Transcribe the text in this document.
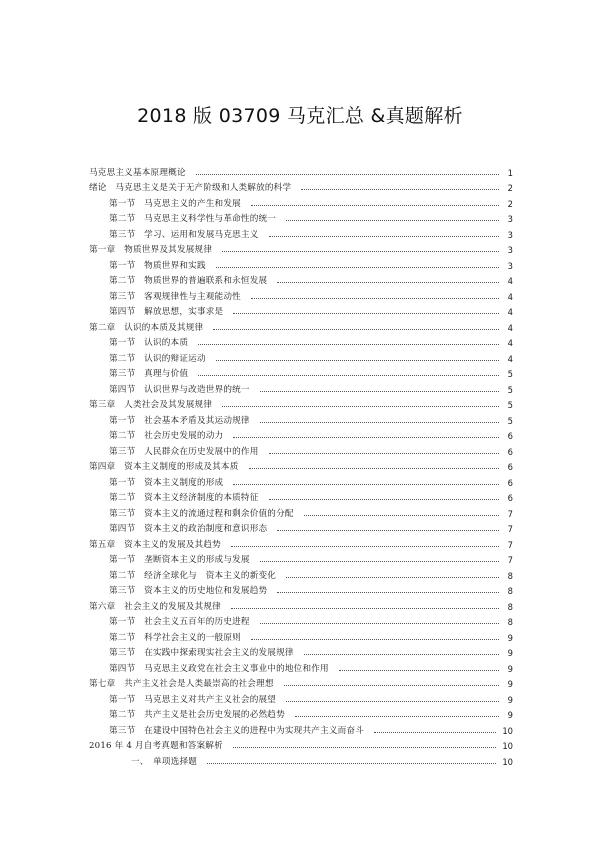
2018 版 03709 马克汇总 &真题解析
马克思主义基本原理概论	1
绪论　马克思主义是关于无产阶级和人类解放的科学	2
第一节　马克思主义的产生和发展	2
第二节　马克思主义科学性与革命性的统一	3
第三节　学习、运用和发展马克思主义	3
第一章　物质世界及其发展规律	3
第一节　物质世界和实践	3
第二节　物质世界的普遍联系和永恒发展	4
第三节　客观规律性与主观能动性	4
第四节　解放思想，实事求是	4
第二章　认识的本质及其规律	4
第一节　认识的本质	4
第二节　认识的辩证运动	4
第三节　真理与价值	5
第四节　认识世界与改造世界的统一	5
第三章　人类社会及其发展规律	5
第一节　社会基本矛盾及其运动规律	5
第二节　社会历史发展的动力	6
第三节　人民群众在历史发展中的作用	6
第四章　资本主义制度的形成及其本质	6
第一节　资本主义制度的形成	6
第二节　资本主义经济制度的本质特征	6
第三节　资本主义的流通过程和剩余价值的分配	7
第四节　资本主义的政治制度和意识形态	7
第五章　资本主义的发展及其趋势	7
第一节　垄断资本主义的形成与发展	7
第二节　经济全球化与　资本主义的新变化	8
第三节　资本主义的历史地位和发展趋势	8
第六章　社会主义的发展及其规律	8
第一节　社会主义五百年的历史进程	8
第二节　科学社会主义的一般原则	9
第三节　在实践中探索现实社会主义的发展规律	9
第四节　马克思主义政党在社会主义事业中的地位和作用	9
第七章　共产主义社会是人类最崇高的社会理想	9
第一节　马克思主义对共产主义社会的展望	9
第二节　共产主义是社会历史发展的必然趋势	9
第三节　在建设中国特色社会主义的进程中为实现共产主义而奋斗	10
2016 年 4 月自考真题和答案解析	10
一、　单项选择题	10
